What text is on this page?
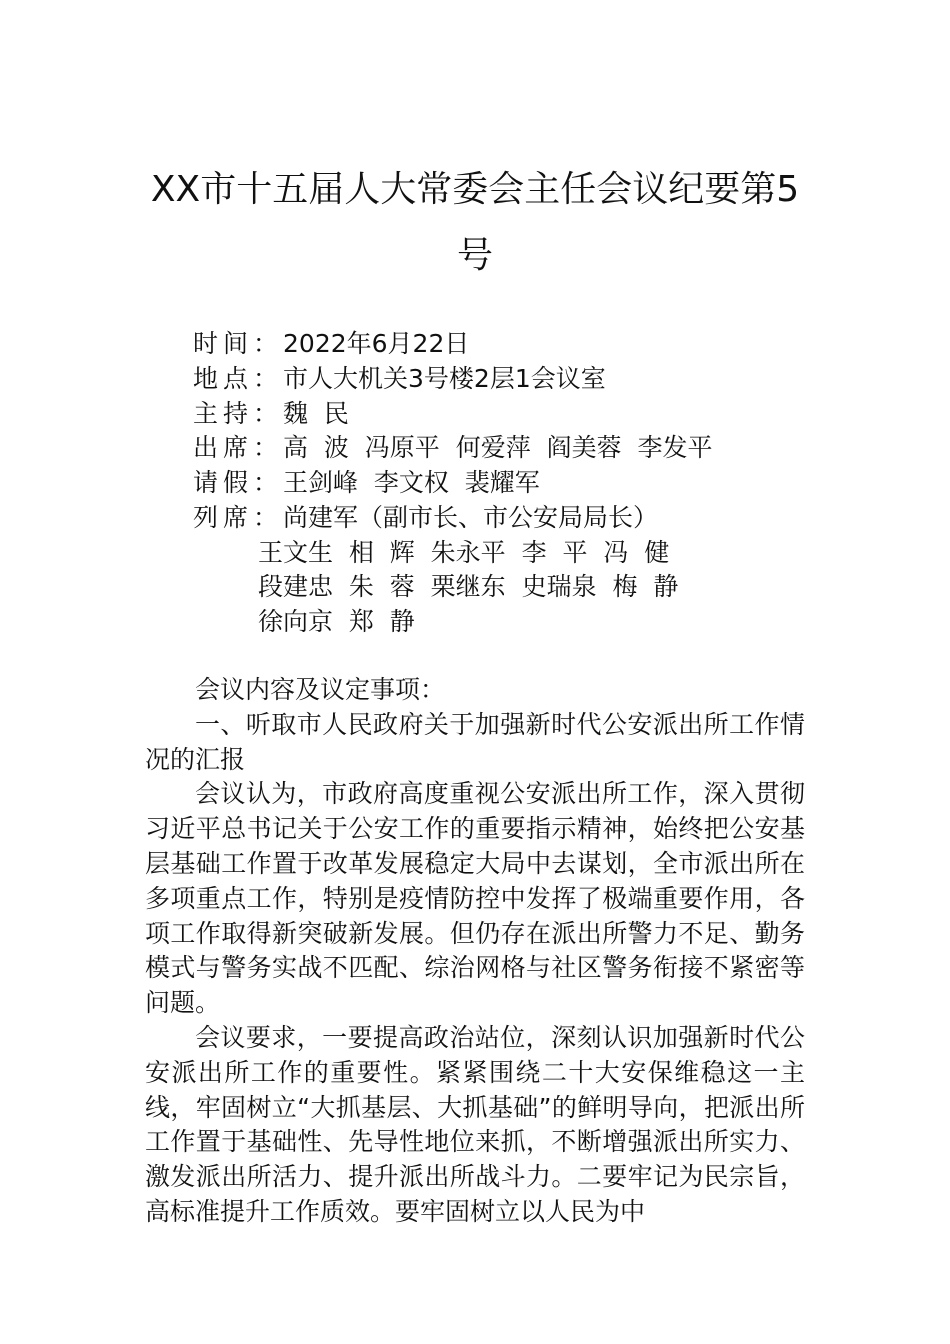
XX市十五届人大常委会主任会议纪要第5
号
时间：2022年6月22日
地点：市人大机关3号楼2层1会议室
主持：魏  民
出席：高  波  冯原平  何爱萍  阎美蓉  李发平
请假：王剑峰  李文权  裴耀军
列席：尚建军（副市长、市公安局局长）
王文生  相  辉  朱永平  李  平  冯  健
段建忠  朱  蓉  栗继东  史瑞泉  梅  静
徐向京  郑  静

会议内容及议定事项：

一、听取市人民政府关于加强新时代公安派出所工作情况的汇报

会议认为，市政府高度重视公安派出所工作，深入贯彻习近平总书记关于公安工作的重要指示精神，始终把公安基层基础工作置于改革发展稳定大局中去谋划，全市派出所在多项重点工作，特别是疫情防控中发挥了极端重要作用，各项工作取得新突破新发展。但仍存在派出所警力不足、勤务模式与警务实战不匹配、综治网格与社区警务衔接不紧密等问题。

会议要求，一要提高政治站位，深刻认识加强新时代公安派出所工作的重要性。紧紧围绕二十大安保维稳这一主线，牢固树立“大抓基层、大抓基础”的鲜明导向，把派出所工作置于基础性、先导性地位来抓，不断增强派出所实力、激发派出所活力、提升派出所战斗力。二要牢记为民宗旨，高标准提升工作质效。要牢固树立以人民为中
